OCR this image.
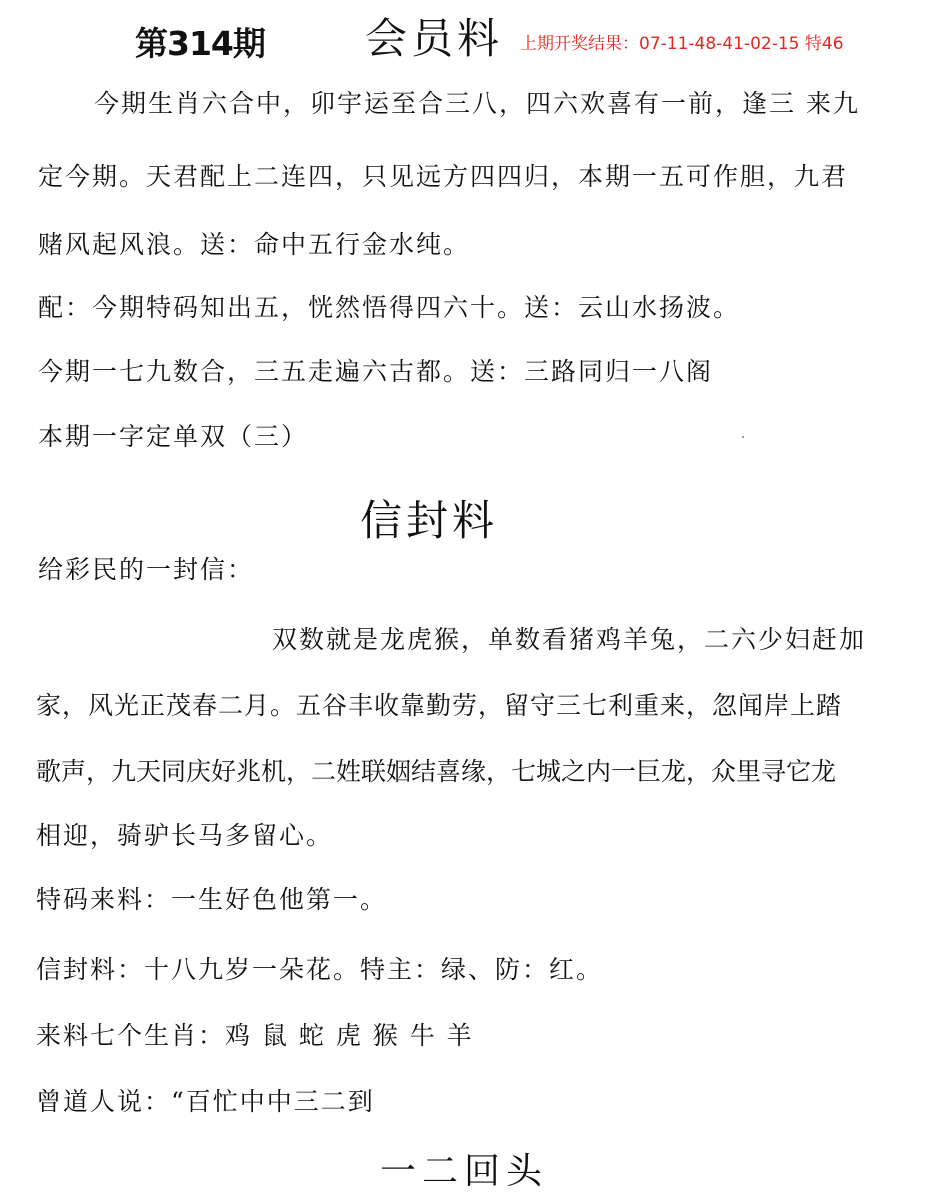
第314期 会员料 上期开奖结果：07-11-48-41-02-15 特46
今期生肖六合中，卯宇运至合三八，四六欢喜有一前，逢三 来九
定今期。天君配上二连四，只见远方四四归，本期一五可作胆，九君
赌风起风浪。送：命中五行金水纯。
配：今期特码知出五，恍然悟得四六十。送：云山水扬波。
今期一七九数合，三五走遍六古都。送：三路同归一八阁
本期一字定单双（三）
信封料
给彩民的一封信：
双数就是龙虎猴，单数看猪鸡羊兔，二六少妇赶加
家，风光正茂春二月。五谷丰收靠勤劳，留守三七利重来，忽闻岸上踏
歌声，九天同庆好兆机，二姓联姻结喜缘，七城之内一巨龙，众里寻它龙
相迎，骑驴长马多留心。
特码来料：一生好色他第一。
信封料：十八九岁一朵花。特主：绿、防：红。
来料七个生肖：鸡 鼠 蛇 虎 猴 牛 羊
曾道人说：“百忙中中三二到
一二回头
